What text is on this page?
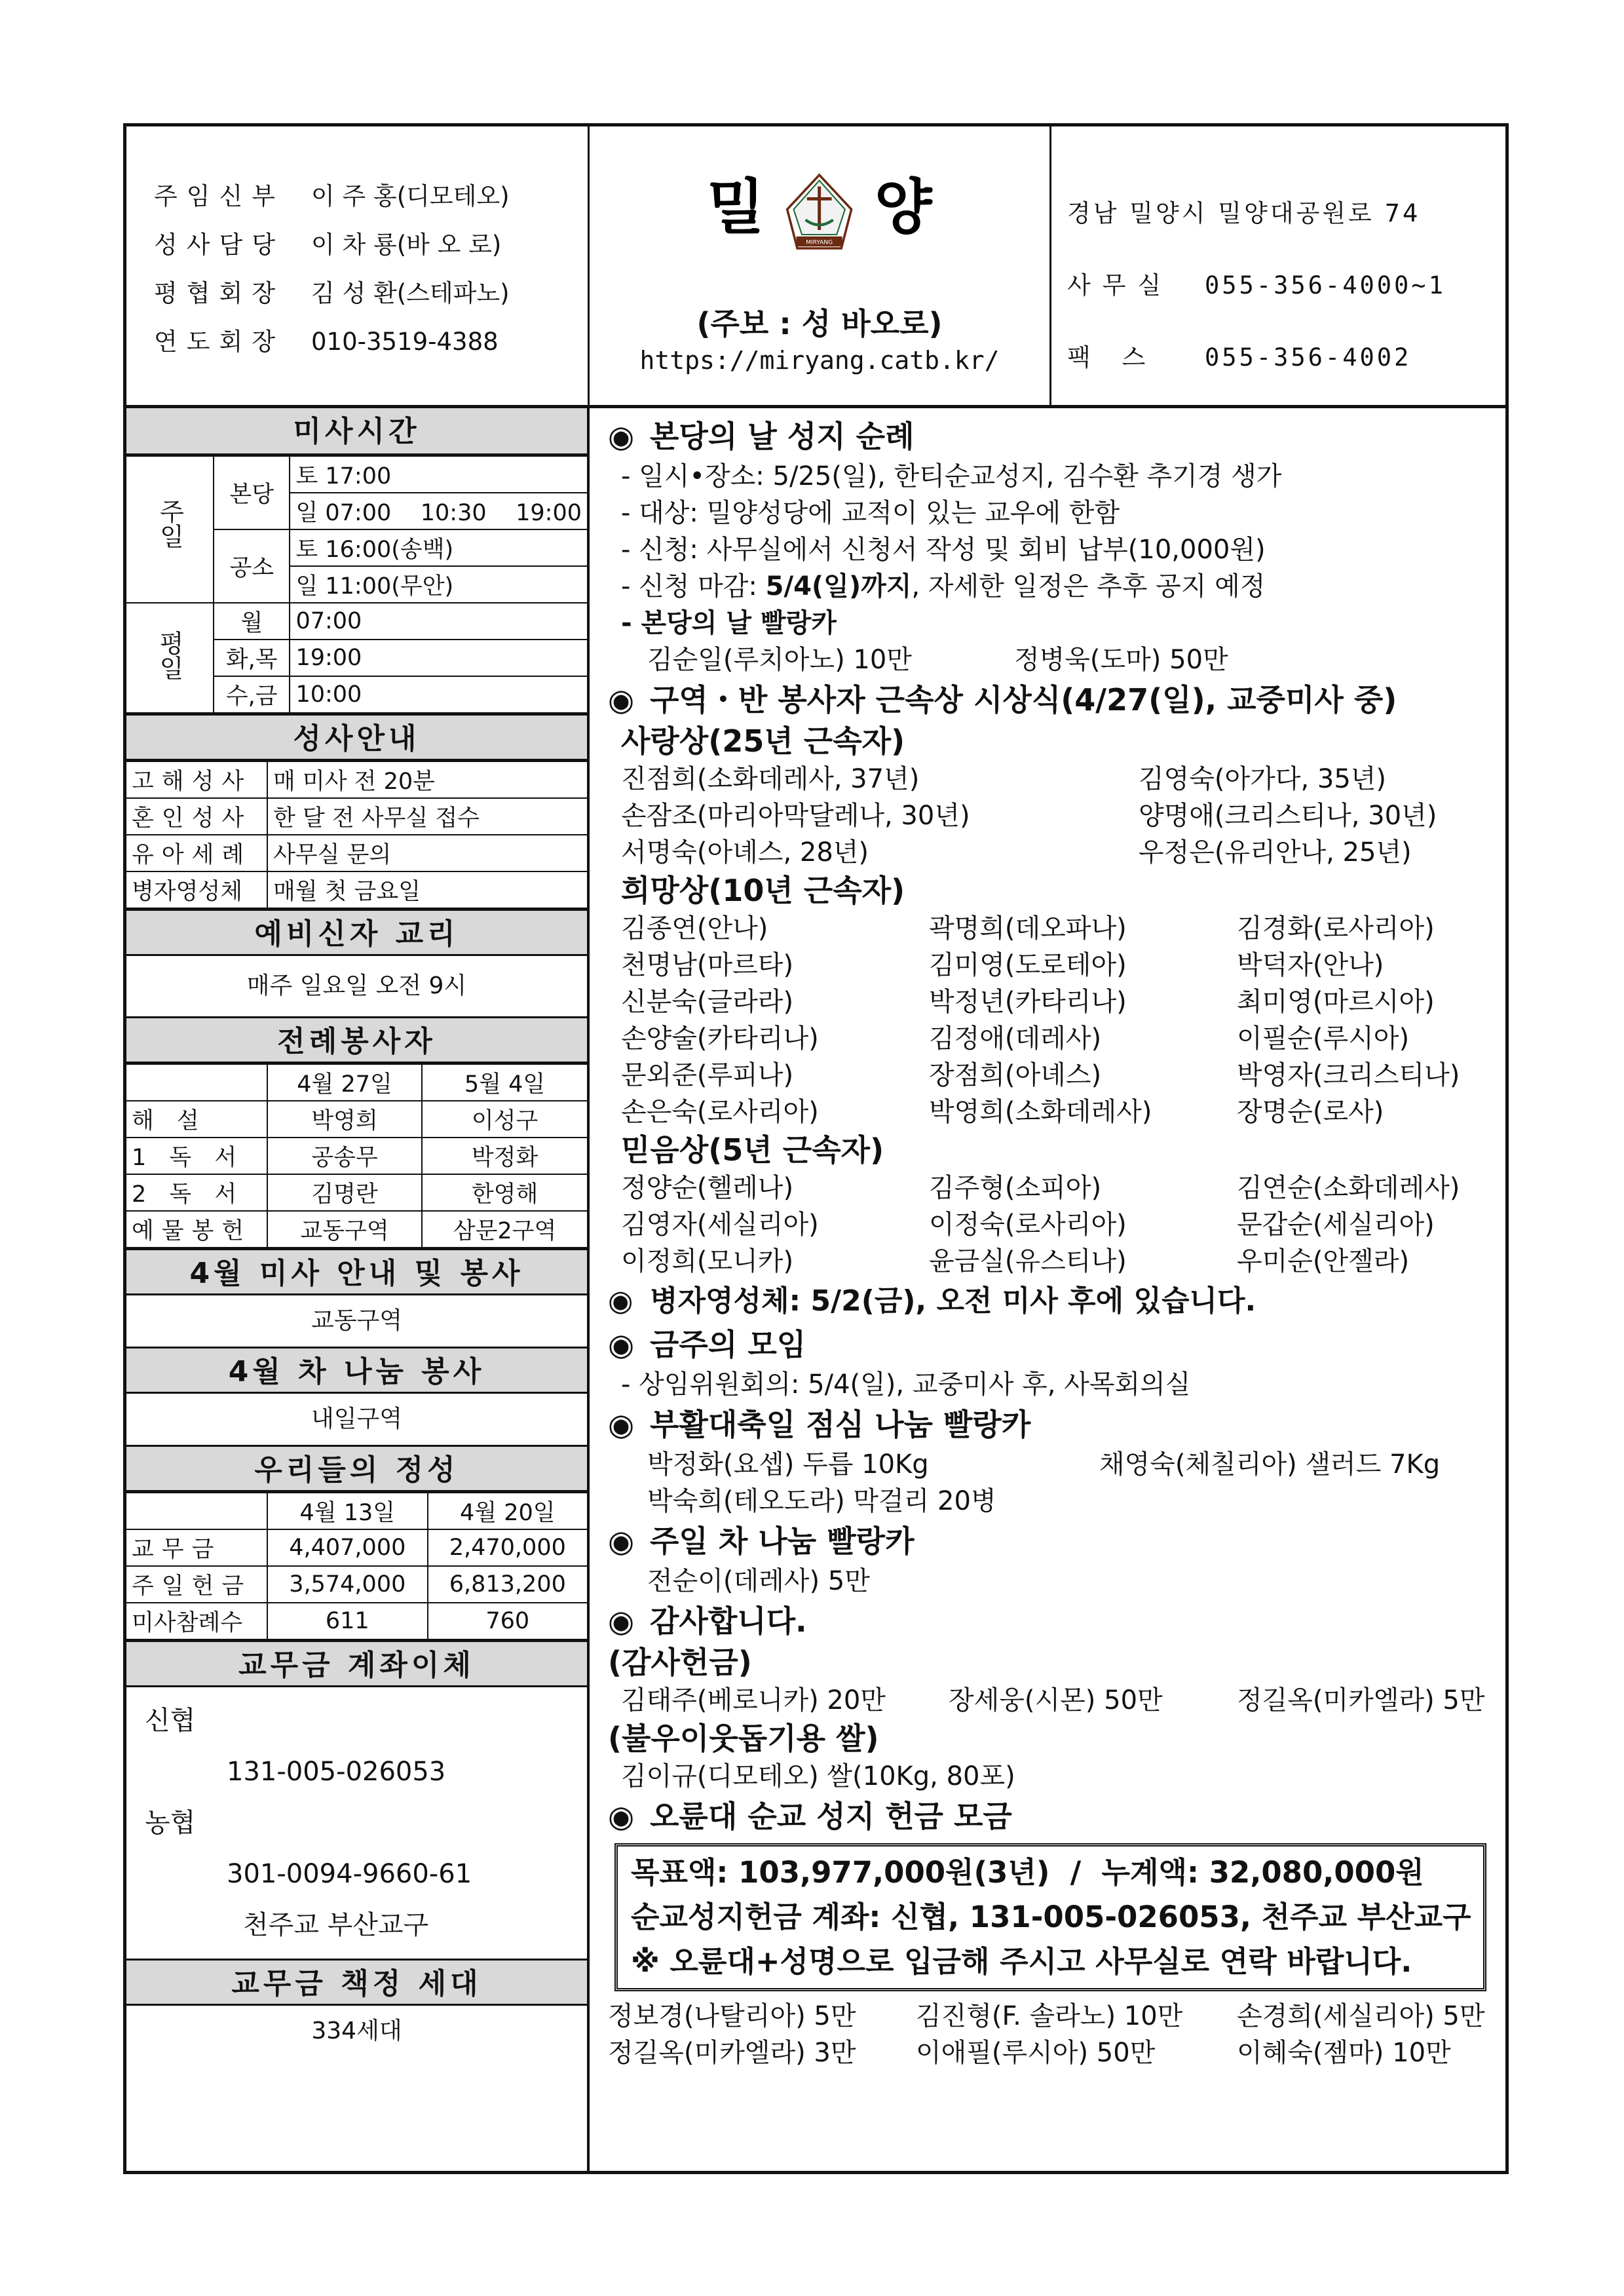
주임신부 이 주 홍(디모테오)
성사담당 이 차 룡(바 오 로)
평협회장 김 성 환(스테파노)
연도회장 010-3519-4388
밀 양
MIRYANG
(주보 : 성 바오로)
https://miryang.catb.kr/
경남 밀양시 밀양대공원로 74
사무실 055-356-4000~1
팩 스 055-356-4002
미사시간
주일	본당	토 17:00
		일 07:00    10:30    19:00
	공소	토 16:00(송백)
		일 11:00(무안)
평일	월	07:00
	화,목	19:00
	수,금	10:00
성사안내
고해성사	매 미사 전 20분
혼인성사	한 달 전 사무실 접수
유아세례	사무실 문의
병자영성체	매월 첫 금요일
예비신자 교리
매주 일요일 오전 9시
전례봉사자
	4월 27일	5월 4일
해 설	박영희	이성구
1 독 서	공송무	박정화
2 독 서	김명란	한영해
예물봉헌	교동구역	삼문2구역
4월 미사 안내 및 봉사
교동구역
4월 차 나눔 봉사
내일구역
우리들의 정성
	4월 13일	4월 20일
교무금	4,407,000	2,470,000
주일헌금	3,574,000	6,813,200
미사참례수	611	760
교무금 계좌이체
신협
131-005-026053
농협
301-0094-9660-61
천주교 부산교구
교무금 책정 세대
334세대
◉ 본당의 날 성지 순례
- 일시•장소: 5/25(일), 한티순교성지, 김수환 추기경 생가
- 대상: 밀양성당에 교적이 있는 교우에 한함
- 신청: 사무실에서 신청서 작성 및 회비 납부(10,000원)
- 신청 마감: 5/4(일)까지, 자세한 일정은 추후 공지 예정
- 본당의 날 빨랑카
김순일(루치아노) 10만	정병욱(도마) 50만
◉ 구역・반 봉사자 근속상 시상식(4/27(일), 교중미사 중)
사랑상(25년 근속자)
진점희(소화데레사, 37년)	김영숙(아가다, 35년)
손잠조(마리아막달레나, 30년)	양명애(크리스티나, 30년)
서명숙(아녜스, 28년)	우정은(유리안나, 25년)
희망상(10년 근속자)
김종연(안나)	곽명희(데오파나)	김경화(로사리아)
천명남(마르타)	김미영(도로테아)	박덕자(안나)
신분숙(글라라)	박정년(카타리나)	최미영(마르시아)
손양술(카타리나)	김정애(데레사)	이필순(루시아)
문외준(루피나)	장점희(아녜스)	박영자(크리스티나)
손은숙(로사리아)	박영희(소화데레사)	장명순(로사)
믿음상(5년 근속자)
정양순(헬레나)	김주형(소피아)	김연순(소화데레사)
김영자(세실리아)	이정숙(로사리아)	문갑순(세실리아)
이정희(모니카)	윤금실(유스티나)	우미순(안젤라)
◉ 병자영성체: 5/2(금), 오전 미사 후에 있습니다.
◉ 금주의 모임
- 상임위원회의: 5/4(일), 교중미사 후, 사목회의실
◉ 부활대축일 점심 나눔 빨랑카
박정화(요셉) 두릅 10Kg	채영숙(체칠리아) 샐러드 7Kg
박숙희(테오도라) 막걸리 20병
◉ 주일 차 나눔 빨랑카
전순이(데레사) 5만
◉ 감사합니다.
(감사헌금)
김태주(베로니카) 20만	장세웅(시몬) 50만	정길옥(미카엘라) 5만
(불우이웃돕기용 쌀)
김이규(디모테오) 쌀(10Kg, 80포)
◉ 오륜대 순교 성지 헌금 모금
목표액: 103,977,000원(3년)  /  누계액: 32,080,000원
순교성지헌금 계좌: 신협, 131-005-026053, 천주교 부산교구
※ 오륜대+성명으로 입금해 주시고 사무실로 연락 바랍니다.
정보경(나탈리아) 5만	김진형(F. 솔라노) 10만	손경희(세실리아) 5만
정길옥(미카엘라) 3만	이애필(루시아) 50만	이혜숙(젬마) 10만
